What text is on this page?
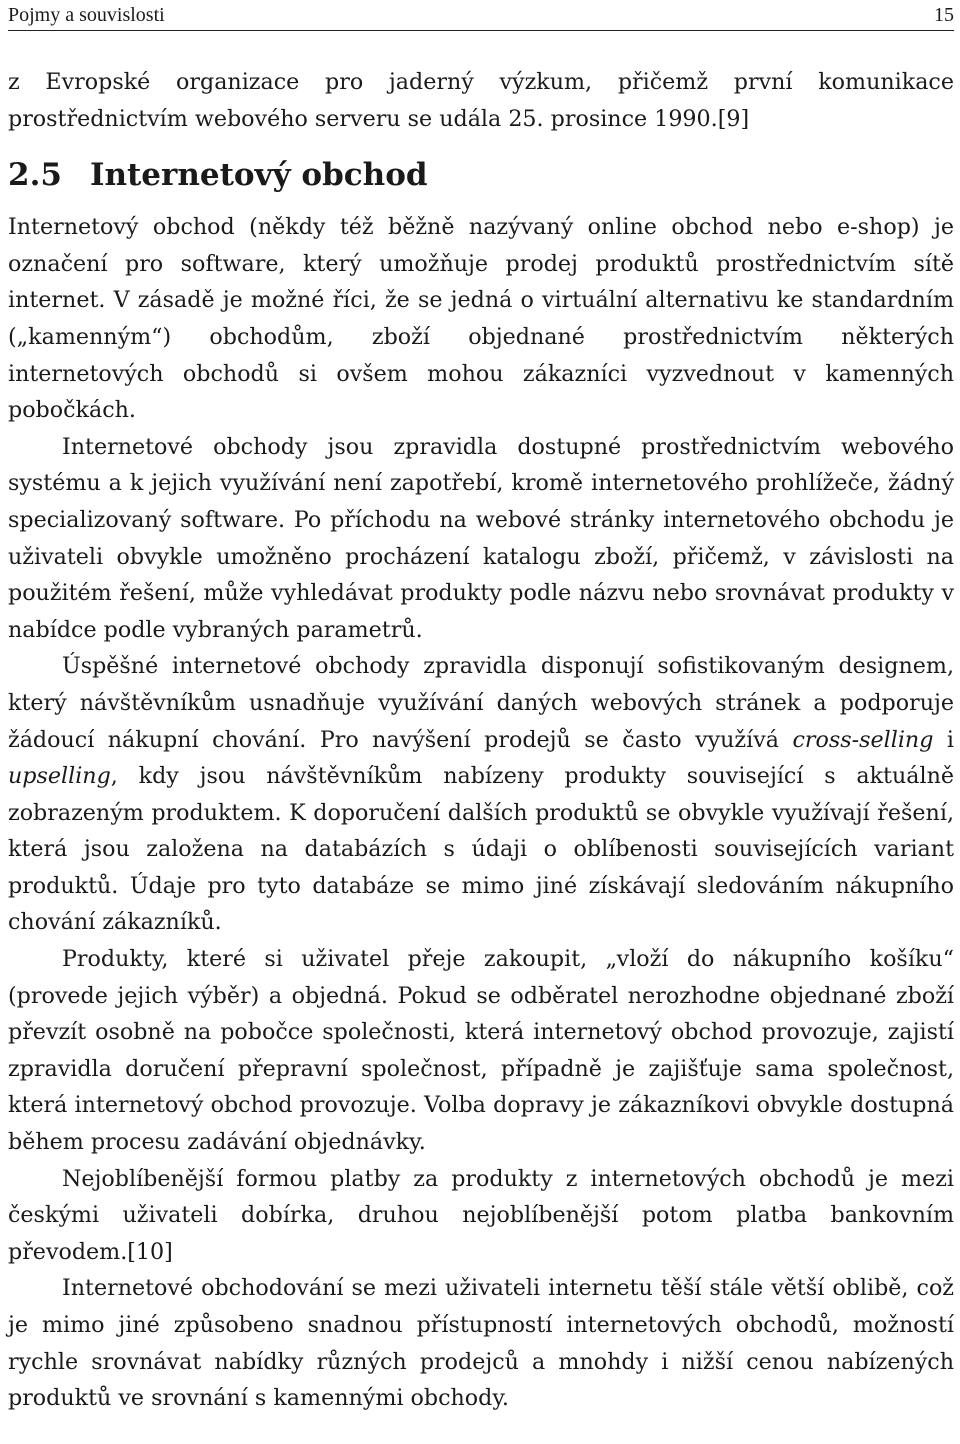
Pojmy a souvislosti	15

z Evropské organizace pro jaderný výzkum, přičemž první komunikace prostřednictvím webového serveru se udála 25. prosince 1990.[9]

2.5 Internetový obchod

Internetový obchod (někdy též běžně nazývaný online obchod nebo e-shop) je označení pro software, který umožňuje prodej produktů prostřednictvím sítě internet. V zásadě je možné říci, že se jedná o virtuální alternativu ke standardním („kamenným“) obchodům, zboží objednané prostřednictvím některých internetových obchodů si ovšem mohou zákazníci vyzvednout v kamenných pobočkách.

Internetové obchody jsou zpravidla dostupné prostřednictvím webového systému a k jejich využívání není zapotřebí, kromě internetového prohlížeče, žádný specializovaný software. Po příchodu na webové stránky internetového obchodu je uživateli obvykle umožněno procházení katalogu zboží, přičemž, v závislosti na použitém řešení, může vyhledávat produkty podle názvu nebo srovnávat produkty v nabídce podle vybraných parametrů.

Úspěšné internetové obchody zpravidla disponují sofistikovaným designem, který návštěvníkům usnadňuje využívání daných webových stránek a podporuje žádoucí nákupní chování. Pro navýšení prodejů se často využívá cross-selling i upselling, kdy jsou návštěvníkům nabízeny produkty související s aktuálně zobrazeným produktem. K doporučení dalších produktů se obvykle využívají řešení, která jsou založena na databázích s údaji o oblíbenosti souvisejících variant produktů. Údaje pro tyto databáze se mimo jiné získávají sledováním nákupního chování zákazníků.

Produkty, které si uživatel přeje zakoupit, „vloží do nákupního košíku“ (provede jejich výběr) a objedná. Pokud se odběratel nerozhodne objednané zboží převzít osobně na pobočce společnosti, která internetový obchod provozuje, zajistí zpravidla doručení přepravní společnost, případně je zajišťuje sama společnost, která internetový obchod provozuje. Volba dopravy je zákazníkovi obvykle dostupná během procesu zadávání objednávky.

Nejoblíbenější formou platby za produkty z internetových obchodů je mezi českými uživateli dobírka, druhou nejoblíbenější potom platba bankovním převodem.[10]

Internetové obchodování se mezi uživateli internetu těší stále větší oblibě, což je mimo jiné způsobeno snadnou přístupností internetových obchodů, možností rychle srovnávat nabídky různých prodejců a mnohdy i nižší cenou nabízených produktů ve srovnání s kamennými obchody.
